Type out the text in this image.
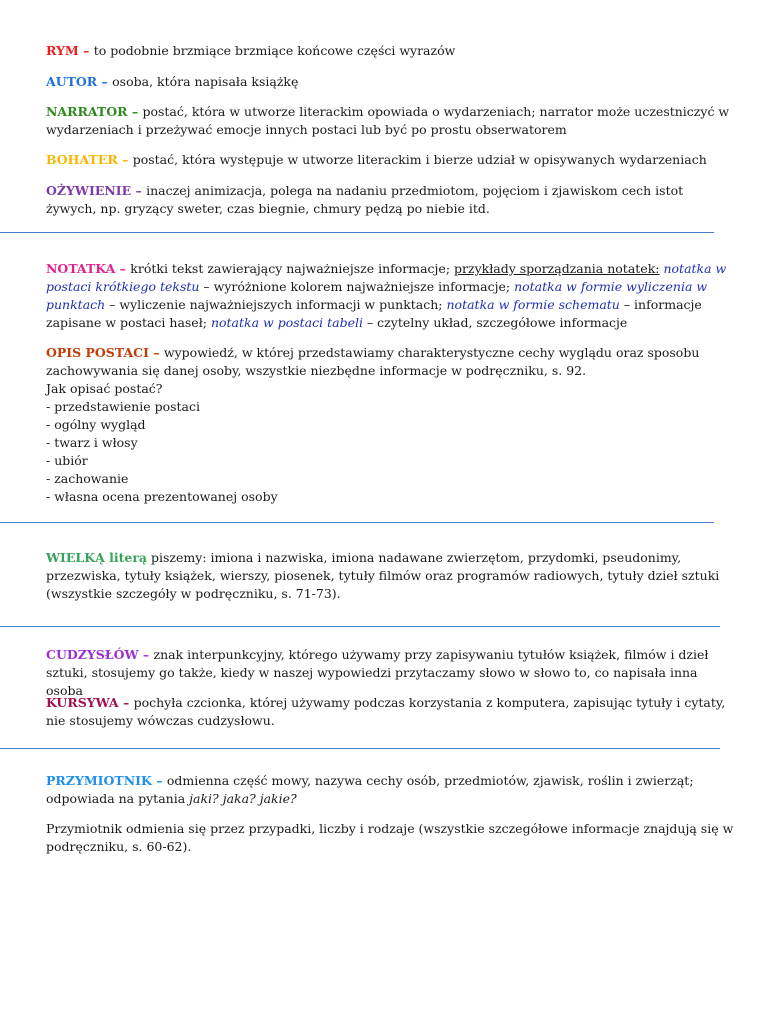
RYM – to podobnie brzmiące brzmiące końcowe części wyrazów

AUTOR – osoba, która napisała książkę

NARRATOR – postać, która w utworze literackim opowiada o wydarzeniach; narrator może uczestniczyć w wydarzeniach i przeżywać emocje innych postaci lub być po prostu obserwatorem

BOHATER – postać, która występuje w utworze literackim i bierze udział w opisywanych wydarzeniach

OŻYWIENIE – inaczej animizacja, polega na nadaniu przedmiotom, pojęciom i zjawiskom cech istot żywych, np. gryzący sweter, czas biegnie, chmury pędzą po niebie itd.

NOTATKA – krótki tekst zawierający najważniejsze informacje; przykłady sporządzania notatek: notatka w postaci krótkiego tekstu – wyróżnione kolorem najważniejsze informacje; notatka w formie wyliczenia w punktach – wyliczenie najważniejszych informacji w punktach; notatka w formie schematu – informacje zapisane w postaci haseł; notatka w postaci tabeli – czytelny układ, szczegółowe informacje

OPIS POSTACI – wypowiedź, w której przedstawiamy charakterystyczne cechy wyglądu oraz sposobu zachowywania się danej osoby, wszystkie niezbędne informacje w podręczniku, s. 92.

Jak opisać postać?

- przedstawienie postaci

- ogólny wygląd

- twarz i włosy

- ubiór

- zachowanie

- własna ocena prezentowanej osoby

WIELKĄ literą piszemy: imiona i nazwiska, imiona nadawane zwierzętom, przydomki, pseudonimy, przezwiska, tytuły książek, wierszy, piosenek, tytuły filmów oraz programów radiowych, tytuły dzieł sztuki (wszystkie szczegóły w podręczniku, s. 71-73).

CUDZYSŁÓW – znak interpunkcyjny, którego używamy przy zapisywaniu tytułów książek, filmów i dzieł sztuki, stosujemy go także, kiedy w naszej wypowiedzi przytaczamy słowo w słowo to, co napisała inna osoba

KURSYWA – pochyła czcionka, której używamy podczas korzystania z komputera, zapisując tytuły i cytaty, nie stosujemy wówczas cudzysłowu.

PRZYMIOTNIK – odmienna część mowy, nazywa cechy osób, przedmiotów, zjawisk, roślin i zwierząt; odpowiada na pytania jaki? jaka? jakie?

Przymiotnik odmienia się przez przypadki, liczby i rodzaje (wszystkie szczegółowe informacje znajdują się w podręczniku, s. 60-62).
